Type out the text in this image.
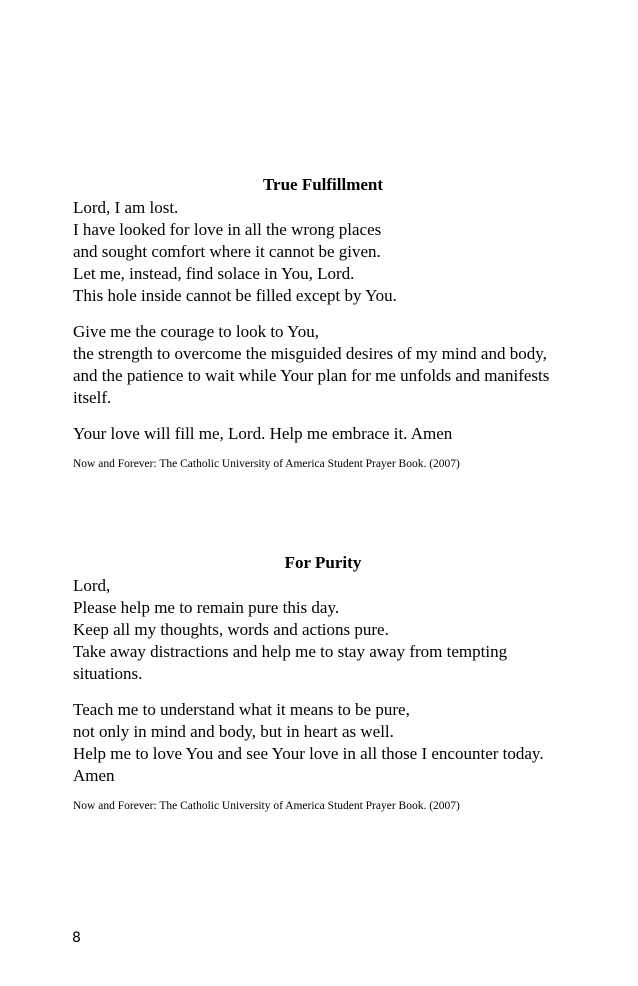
True Fulfillment
Lord, I am lost.
I have looked for love in all the wrong places
and sought comfort where it cannot be given.
Let me, instead, find solace in You, Lord.
This hole inside cannot be filled except by You.
Give me the courage to look to You,
the strength to overcome the misguided desires of my mind and body,
and the patience to wait while Your plan for me unfolds and manifests
itself.
Your love will fill me, Lord. Help me embrace it. Amen
Now and Forever: The Catholic University of America Student Prayer Book. (2007)
For Purity
Lord,
Please help me to remain pure this day.
Keep all my thoughts, words and actions pure.
Take away distractions and help me to stay away from tempting
situations.
Teach me to understand what it means to be pure,
not only in mind and body, but in heart as well.
Help me to love You and see Your love in all those I encounter today.
Amen
Now and Forever: The Catholic University of America Student Prayer Book. (2007)
8
